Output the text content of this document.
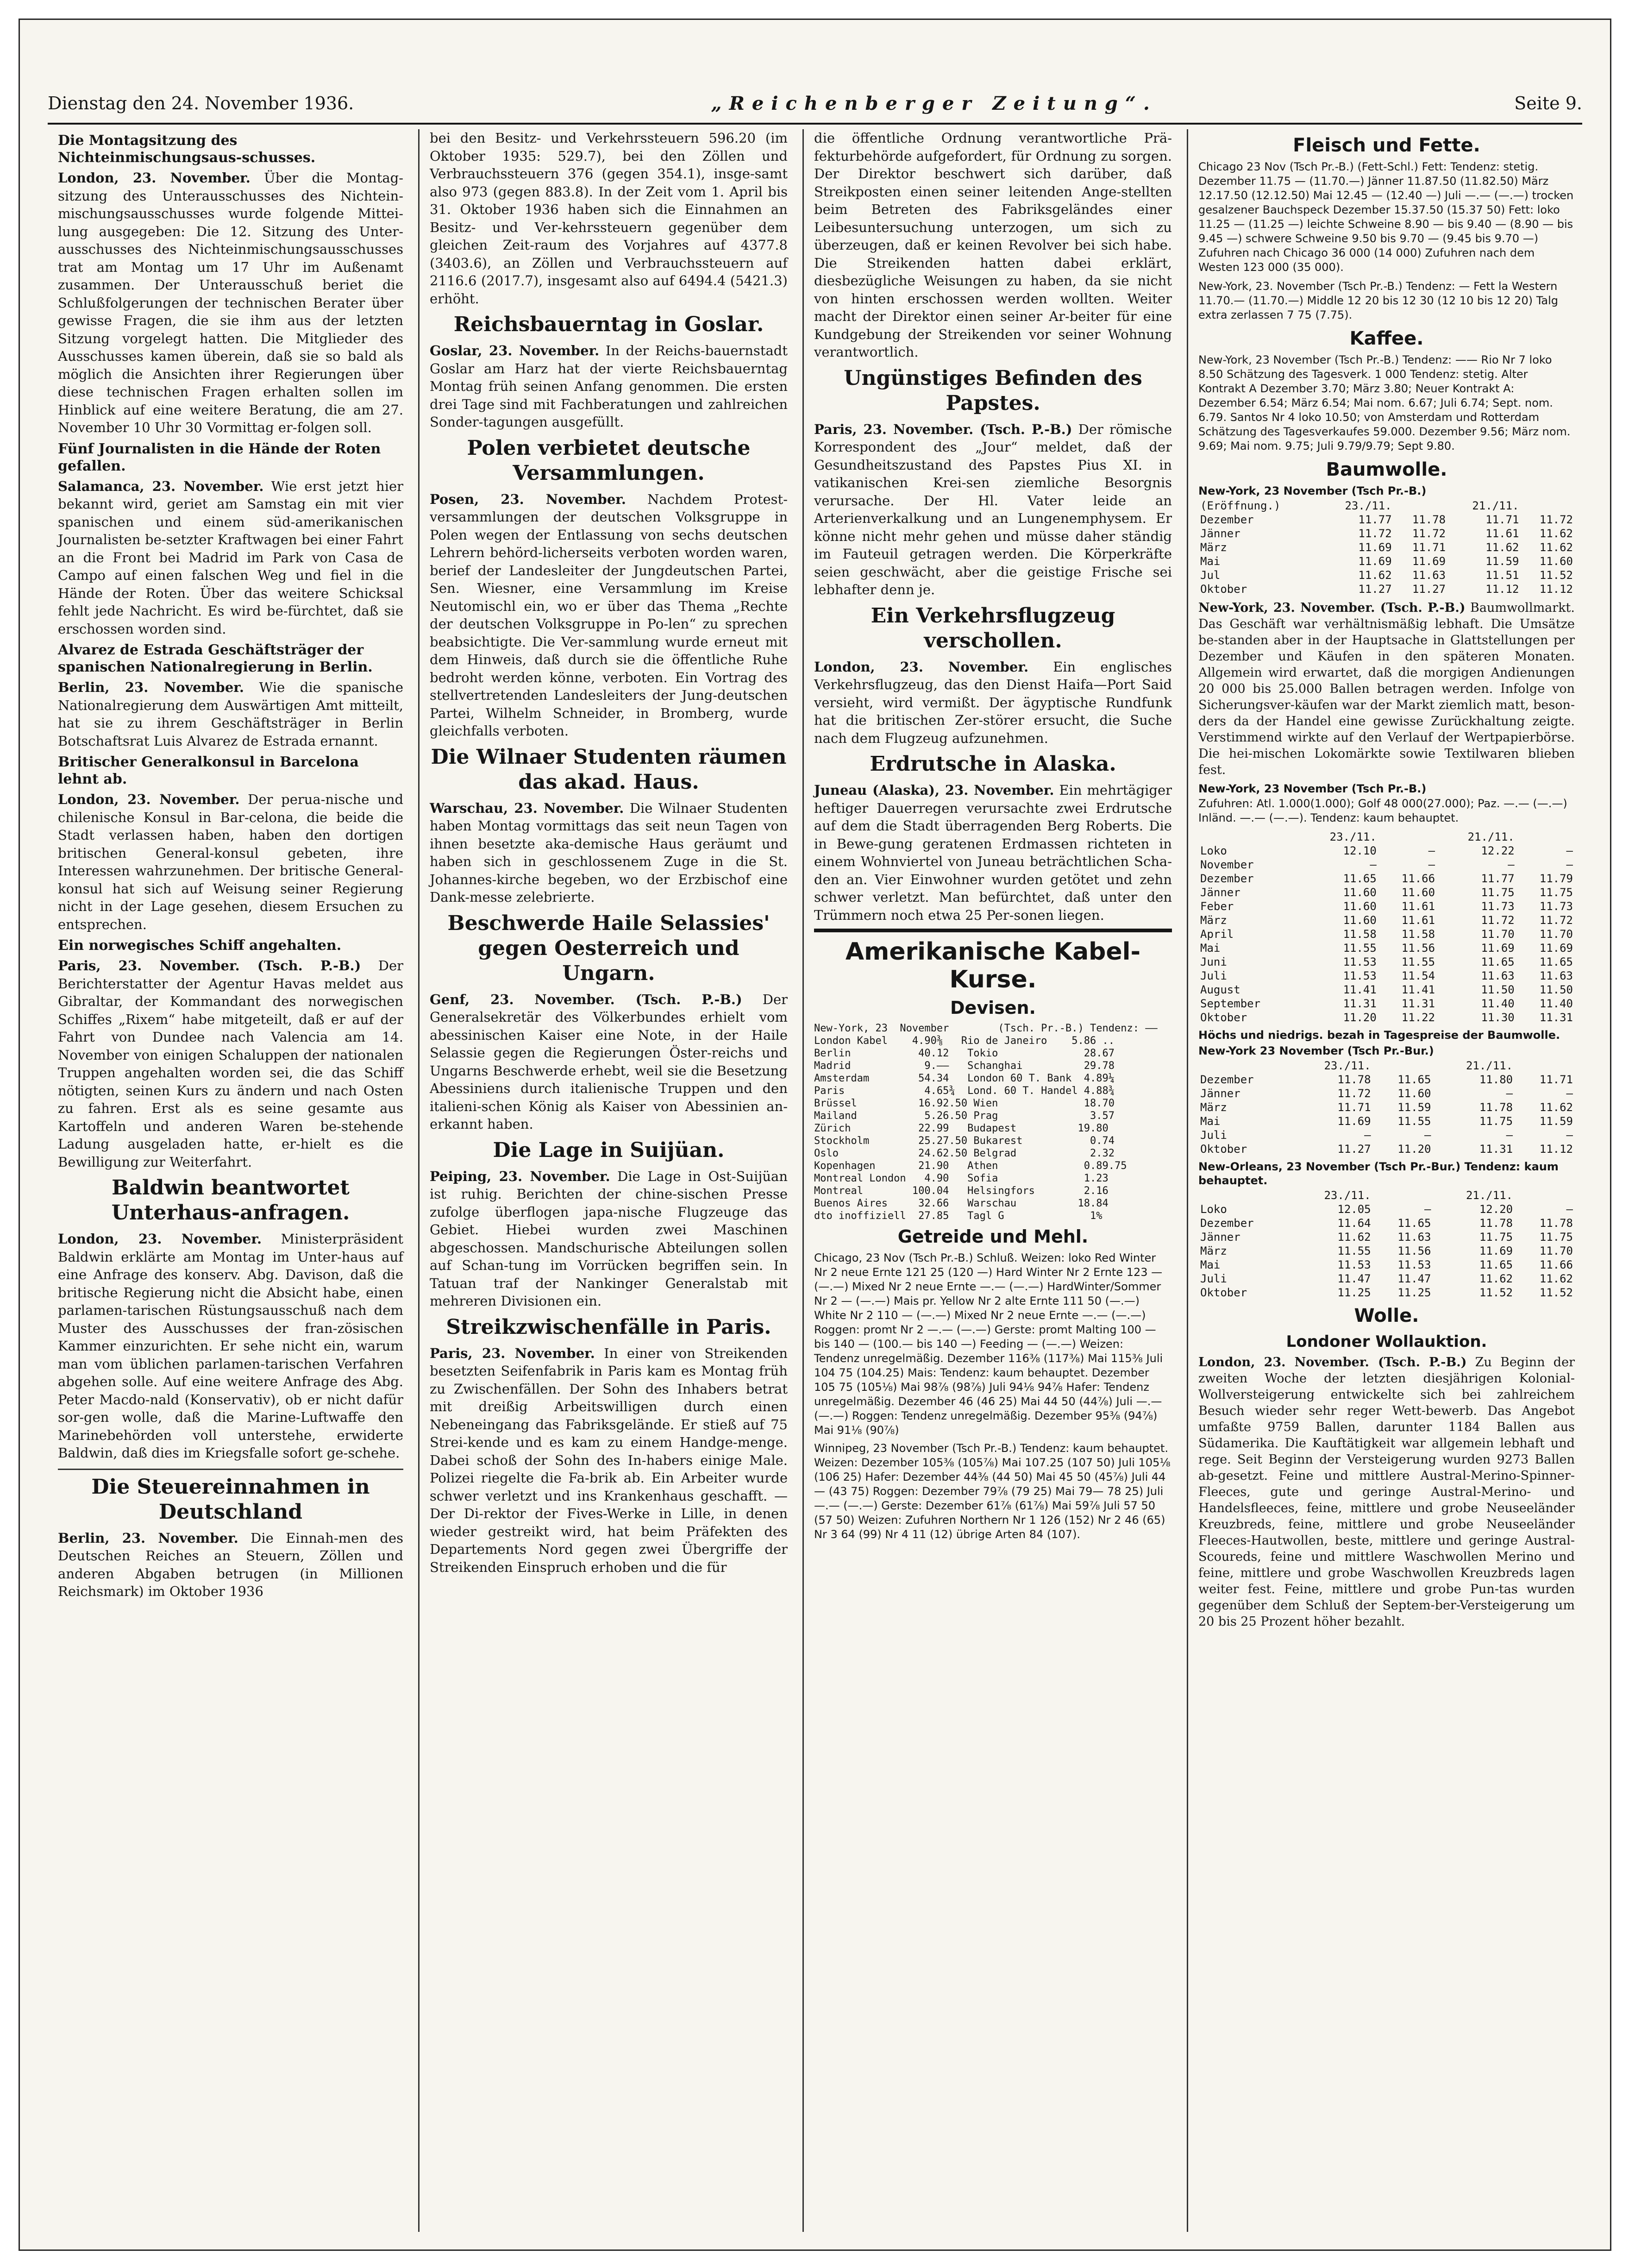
Dienstag den 24. November 1936.	„Reichenberger Zeitung“.	Seite 9.
Die Montagsitzung des Nichteinmischungsaus-schusses.

London, 23. November. Über die Montag-sitzung des Unterausschusses des Nichtein-mischungsausschusses wurde folgende Mittei-lung ausgegeben: Die 12. Sitzung des Unter-ausschusses des Nichteinmischungsausschusses trat am Montag um 17 Uhr im Außenamt zusammen. Der Unterausschuß beriet die Schlußfolgerungen der technischen Berater über gewisse Fragen, die sie ihm aus der letzten Sitzung vorgelegt hatten. Die Mitglieder des Ausschusses kamen überein, daß sie so bald als möglich die Ansichten ihrer Regierungen über diese technischen Fragen erhalten sollen im Hinblick auf eine weitere Beratung, die am 27. November 10 Uhr 30 Vormittag er-folgen soll.

Fünf Journalisten in die Hände der Roten gefallen.

Salamanca, 23. November. Wie erst jetzt hier bekannt wird, geriet am Samstag ein mit vier spanischen und einem süd-amerikanischen Journalisten be-setzter Kraftwagen bei einer Fahrt an die Front bei Madrid im Park von Casa de Campo auf einen falschen Weg und fiel in die Hände der Roten. Über das weitere Schicksal fehlt jede Nachricht. Es wird be-fürchtet, daß sie erschossen worden sind.

Alvarez de Estrada Geschäftsträger der spanischen Nationalregierung in Berlin.

Berlin, 23. November. Wie die spanische Nationalregierung dem Auswärtigen Amt mitteilt, hat sie zu ihrem Geschäftsträger in Berlin Botschaftsrat Luis Alvarez de Estrada ernannt.

Britischer Generalkonsul in Barcelona lehnt ab.

London, 23. November. Der perua-nische und chilenische Konsul in Bar-celona, die beide die Stadt verlassen haben, haben den dortigen britischen General-konsul gebeten, ihre Interessen wahrzunehmen. Der britische General-konsul hat sich auf Weisung seiner Regierung nicht in der Lage gesehen, diesem Ersuchen zu entsprechen.

Ein norwegisches Schiff angehalten.

Paris, 23. November. (Tsch. P.-B.) Der Berichterstatter der Agentur Havas meldet aus Gibraltar, der Kommandant des norwegischen Schiffes „Rixem“ habe mitgeteilt, daß er auf der Fahrt von Dundee nach Valencia am 14. November von einigen Schaluppen der nationalen Truppen angehalten worden sei, die das Schiff nötigten, seinen Kurs zu ändern und nach Osten zu fahren. Erst als es seine gesamte aus Kartoffeln und anderen Waren be-stehende Ladung ausgeladen hatte, er-hielt es die Bewilligung zur Weiterfahrt.

Baldwin beantwortet Unterhaus-anfragen.

London, 23. November. Ministerpräsident Baldwin erklärte am Montag im Unter-haus auf eine Anfrage des konserv. Abg. Davison, daß die britische Regierung nicht die Absicht habe, einen parlamen-tarischen Rüstungsausschuß nach dem Muster des Ausschusses der fran-zösischen Kammer einzurichten. Er sehe nicht ein, warum man vom üblichen parlamen-tarischen Verfahren abgehen solle. Auf eine weitere Anfrage des Abg. Peter Macdo-nald (Konservativ), ob er nicht dafür sor-gen wolle, daß die Marine-Luftwaffe den Marinebehörden voll unterstehe, erwiderte Baldwin, daß dies im Kriegsfalle sofort ge-schehe.

Die Steuereinnahmen in Deutschland

Berlin, 23. November. Die Einnah-men des Deutschen Reiches an Steuern, Zöllen und anderen Abgaben betrugen (in Millionen Reichsmark) im Oktober 1936

bei den Besitz- und Verkehrssteuern 596.20 (im Oktober 1935: 529.7), bei den Zöllen und Verbrauchssteuern 376 (gegen 354.1), insge-samt also 973 (gegen 883.8). In der Zeit vom 1. April bis 31. Oktober 1936 haben sich die Einnahmen an Besitz- und Ver-kehrssteuern gegenüber dem gleichen Zeit-raum des Vorjahres auf 4377.8 (3403.6), an Zöllen und Verbrauchssteuern auf 2116.6 (2017.7), insgesamt also auf 6494.4 (5421.3) erhöht.

Reichsbauerntag in Goslar.

Goslar, 23. November. In der Reichs-bauernstadt Goslar am Harz hat der vierte Reichsbauerntag Montag früh seinen Anfang genommen. Die ersten drei Tage sind mit Fachberatungen und zahlreichen Sonder-tagungen ausgefüllt.

Polen verbietet deutsche Versammlungen.

Posen, 23. November. Nachdem Protest-versammlungen der deutschen Volksgruppe in Polen wegen der Entlassung von sechs deutschen Lehrern behörd-licherseits verboten worden waren, berief der Landesleiter der Jungdeutschen Partei, Sen. Wiesner, eine Versammlung im Kreise Neutomischl ein, wo er über das Thema „Rechte der deutschen Volksgruppe in Po-len“ zu sprechen beabsichtigte. Die Ver-sammlung wurde erneut mit dem Hinweis, daß durch sie die öffentliche Ruhe bedroht werden könne, verboten. Ein Vortrag des stellvertretenden Landesleiters der Jung-deutschen Partei, Wilhelm Schneider, in Bromberg, wurde gleichfalls verboten.

Die Wilnaer Studenten räumen das akad. Haus.

Warschau, 23. November. Die Wilnaer Studenten haben Montag vormittags das seit neun Tagen von ihnen besetzte aka-demische Haus geräumt und haben sich in geschlossenem Zuge in die St. Johannes-kirche begeben, wo der Erzbischof eine Dank-messe zelebrierte.

Beschwerde Haile Selassies' gegen Oesterreich und Ungarn.

Genf, 23. November. (Tsch. P.-B.) Der Generalsekretär des Völkerbundes erhielt vom abessinischen Kaiser eine Note, in der Haile Selassie gegen die Regierungen Öster-reichs und Ungarns Beschwerde erhebt, weil sie die Besetzung Abessiniens durch italienische Truppen und den italieni-schen König als Kaiser von Abessinien an-erkannt haben.

Die Lage in Suijüan.

Peiping, 23. November. Die Lage in Ost-Suijüan ist ruhig. Berichten der chine-sischen Presse zufolge überflogen japa-nische Flugzeuge das Gebiet. Hiebei wurden zwei Maschinen abgeschossen. Mandschurische Abteilungen sollen auf Schan-tung im Vorrücken begriffen sein. In Tatuan traf der Nankinger Generalstab mit mehreren Divisionen ein.

Streikzwischenfälle in Paris.

Paris, 23. November. In einer von Streikenden besetzten Seifenfabrik in Paris kam es Montag früh zu Zwischenfällen. Der Sohn des Inhabers betrat mit dreißig Arbeitswilligen durch einen Nebeneingang das Fabriksgelände. Er stieß auf 75 Strei-kende und es kam zu einem Handge-menge. Dabei schoß der Sohn des In-habers einige Male. Polizei riegelte die Fa-brik ab. Ein Arbeiter wurde schwer verletzt und ins Krankenhaus geschafft. — Der Di-rektor der Fives-Werke in Lille, in denen wieder gestreikt wird, hat beim Präfekten des Departements Nord gegen zwei Übergriffe der Streikenden Einspruch erhoben und die für

die öffentliche Ordnung verantwortliche Prä-fekturbehörde aufgefordert, für Ordnung zu sorgen. Der Direktor beschwert sich darüber, daß Streikposten einen seiner leitenden Ange-stellten beim Betreten des Fabriksgeländes einer Leibesuntersuchung unterzogen, um sich zu überzeugen, daß er keinen Revolver bei sich habe. Die Streikenden hatten dabei erklärt, diesbezügliche Weisungen zu haben, da sie nicht von hinten erschossen werden wollten. Weiter macht der Direktor einen seiner Ar-beiter für eine Kundgebung der Streikenden vor seiner Wohnung verantwortlich.

Ungünstiges Befinden des Papstes.

Paris, 23. November. (Tsch. P.-B.) Der römische Korrespondent des „Jour“ meldet, daß der Gesundheitszustand des Papstes Pius XI. in vatikanischen Krei-sen ziemliche Besorgnis verursache. Der Hl. Vater leide an Arterienverkalkung und an Lungenemphysem. Er könne nicht mehr gehen und müsse daher ständig im Fauteuil getragen werden. Die Körperkräfte seien geschwächt, aber die geistige Frische sei lebhafter denn je.

Ein Verkehrsflugzeug verschollen.

London, 23. November. Ein englisches Verkehrsflugzeug, das den Dienst Haifa—Port Said versieht, wird vermißt. Der ägyptische Rundfunk hat die britischen Zer-störer ersucht, die Suche nach dem Flugzeug aufzunehmen.

Erdrutsche in Alaska.

Juneau (Alaska), 23. November. Ein mehrtägiger heftiger Dauerregen verursachte zwei Erdrutsche auf dem die Stadt überragenden Berg Roberts. Die in Bewe-gung geratenen Erdmassen richteten in einem Wohnviertel von Juneau beträchtlichen Scha-den an. Vier Einwohner wurden getötet und zehn schwer verletzt. Man befürchtet, daß unter den Trümmern noch etwa 25 Per-sonen liegen.

Amerikanische Kabel-Kurse.
Devisen.
New-York, 23  November        (Tsch. Pr.-B.) Tendenz: ——
London Kabel    4.90⅜   Rio de Janeiro    5.86 ..
Berlin           40.12   Tokio              28.67
Madrid            9.——   Schanghai          29.78
Amsterdam        54.34   London 60 T. Bank  4.89¼
Paris             4.65¾  Lond. 60 T. Handel 4.88¾
Brüssel          16.92.50 Wien              18.70
Mailand           5.26.50 Prag               3.57
Zürich           22.99   Budapest          19.80
Stockholm        25.27.50 Bukarest           0.74
Oslo             24.62.50 Belgrad            2.32
Kopenhagen       21.90   Athen              0.89.75
Montreal London   4.90   Sofia              1.23
Montreal        100.04   Helsingfors        2.16
Buenos Aires     32.66   Warschau          18.84
dto inoffiziell  27.85   Tagl G              1%
Getreide und Mehl.

Chicago, 23 Nov (Tsch Pr.-B.) Schluß. Weizen: loko Red Winter Nr 2 neue Ernte 121 25 (120 —) Hard Winter Nr 2 Ernte 123 — (—.—) Mixed Nr 2 neue Ernte —.— (—.—) HardWinter/Sommer Nr 2 — (—.—) Mais pr. Yellow Nr 2 alte Ernte 111 50 (—.—) White Nr 2 110 — (—.—) Mixed Nr 2 neue Ernte —.— (—.—) Roggen: promt Nr 2 —.— (—.—) Gerste: promt Malting 100 — bis 140 — (100.— bis 140 —) Feeding — (—.—) Weizen: Tendenz unregelmäßig. Dezember 116⅜ (117⅜) Mai 115⅜ Juli 104 75 (104.25) Mais: Tendenz: kaum behauptet. Dezember 105 75 (105⅛) Mai 98⅞ (98⅞) Juli 94⅛ 94⅞ Hafer: Tendenz unregelmäßig. Dezember 46 (46 25) Mai 44 50 (44⅞) Juli —.— (—.—) Roggen: Tendenz unregelmäßig. Dezember 95⅜ (94⅞) Mai 91⅛ (90⅞)

Winnipeg, 23 November (Tsch Pr.-B.) Tendenz: kaum behauptet. Weizen: Dezember 105⅜ (105⅞) Mai 107.25 (107 50) Juli 105⅛ (106 25) Hafer: Dezember 44⅜ (44 50) Mai 45 50 (45⅞) Juli 44 — (43 75) Roggen: Dezember 79⅞ (79 25) Mai 79— 78 25) Juli —.— (—.—) Gerste: Dezember 61⅞ (61⅞) Mai 59⅞ Juli 57 50 (57 50) Weizen: Zufuhren Northern Nr 1 126 (152) Nr 2 46 (65) Nr 3 64 (99) Nr 4 11 (12) übrige Arten 84 (107).

Fleisch und Fette.
Chicago 23 Nov (Tsch Pr.-B.) (Fett-Schl.) Fett: Tendenz: stetig. Dezember 11.75 — (11.70.—) Jänner 11.87.50 (11.82.50) März 12.17.50 (12.12.50) Mai 12.45 — (12.40 —) Juli —.— (—.—) trocken gesalzener Bauchspeck Dezember 15.37.50 (15.37 50) Fett: loko 11.25 — (11.25 —) leichte Schweine 8.90 — bis 9.40 — (8.90 — bis 9.45 —) schwere Schweine 9.50 bis 9.70 — (9.45 bis 9.70 —) Zufuhren nach Chicago 36 000 (14 000) Zufuhren nach dem Westen 123 000 (35 000).
New-York, 23. November (Tsch Pr.-B.) Tendenz: — Fett la Western 11.70.— (11.70.—) Middle 12 20 bis 12 30 (12 10 bis 12 20) Talg extra zerlassen 7 75 (7.75).
Kaffee.
New-York, 23 November (Tsch Pr.-B.) Tendenz: —— Rio Nr 7 loko 8.50 Schätzung des Tagesverk. 1 000 Tendenz: stetig. Alter Kontrakt A Dezember 3.70; März 3.80; Neuer Kontrakt A: Dezember 6.54; März 6.54; Mai nom. 6.67; Juli 6.74; Sept. nom. 6.79. Santos Nr 4 loko 10.50; von Amsterdam und Rotterdam Schätzung des Tagesverkaufes 59.000. Dezember 9.56; März nom. 9.69; Mai nom. 9.75; Juli 9.79/9.79; Sept 9.80.
Baumwolle.
New-York, 23 November (Tsch Pr.-B.)
(Eröffnung.)	23./11.		21./11.	
Dezember	11.77	11.78	11.71	11.72
Jänner	11.72	11.72	11.61	11.62
März	11.69	11.71	11.62	11.62
Mai	11.69	11.69	11.59	11.60
Jul	11.62	11.63	11.51	11.52
Oktober	11.27	11.27	11.12	11.12

New-York, 23. November. (Tsch. P.-B.) Baumwollmarkt. Das Geschäft war verhältnismäßig lebhaft. Die Umsätze be-standen aber in der Hauptsache in Glattstellungen per Dezember und Käufen in den späteren Monaten. Allgemein wird erwartet, daß die morgigen Andienungen 20 000 bis 25.000 Ballen betragen werden. Infolge von Sicherungsver-käufen war der Markt ziemlich matt, beson-ders da der Handel eine gewisse Zurückhaltung zeigte. Verstimmend wirkte auf den Verlauf der Wertpapierbörse. Die hei-mischen Lokomärkte sowie Textilwaren blieben fest.

New-York, 23 November (Tsch Pr.-B.)
Zufuhren: Atl. 1.000(1.000); Golf 48 000(27.000); Paz. —.— (—.—) Inländ. —.— (—.—). Tendenz: kaum behauptet.
	23./11.		21./11.	
Loko	12.10	—	12.22	—
November	—	—	—	—
Dezember	11.65	11.66	11.77	11.79
Jänner	11.60	11.60	11.75	11.75
Feber	11.60	11.61	11.73	11.73
März	11.60	11.61	11.72	11.72
April	11.58	11.58	11.70	11.70
Mai	11.55	11.56	11.69	11.69
Juni	11.53	11.55	11.65	11.65
Juli	11.53	11.54	11.63	11.63
August	11.41	11.41	11.50	11.50
September	11.31	11.31	11.40	11.40
Oktober	11.20	11.22	11.30	11.31
Höchs und niedrigs. bezah in Tagespreise der Baumwolle.
New-York 23 November (Tsch Pr.-Bur.)
	23./11.		21./11.	
Dezember	11.78	11.65	11.80	11.71
Jänner	11.72	11.60	—	—
März	11.71	11.59	11.78	11.62
Mai	11.69	11.55	11.75	11.59
Juli	—	—	—	—
Oktober	11.27	11.20	11.31	11.12
New-Orleans, 23 November (Tsch Pr.-Bur.) Tendenz: kaum behauptet.
	23./11.		21./11.	
Loko	12.05	—	12.20	—
Dezember	11.64	11.65	11.78	11.78
Jänner	11.62	11.63	11.75	11.75
März	11.55	11.56	11.69	11.70
Mai	11.53	11.53	11.65	11.66
Juli	11.47	11.47	11.62	11.62
Oktober	11.25	11.25	11.52	11.52
Wolle.
Londoner Wollauktion.

London, 23. November. (Tsch. P.-B.) Zu Beginn der zweiten Woche der letzten diesjährigen Kolonial-Wollversteigerung entwickelte sich bei zahlreichem Besuch wieder sehr reger Wett-bewerb. Das Angebot umfaßte 9759 Ballen, darunter 1184 Ballen aus Südamerika. Die Kauftätigkeit war allgemein lebhaft und rege. Seit Beginn der Versteigerung wurden 9273 Ballen ab-gesetzt. Feine und mittlere Austral-Merino-Spinner-Fleeces, gute und geringe Austral-Merino- und Handelsfleeces, feine, mittlere und grobe Neuseeländer Kreuzbreds, feine, mittlere und grobe Neuseeländer Fleeces-Hautwollen, beste, mittlere und geringe Austral-Scoureds, feine und mittlere Waschwollen Merino und feine, mittlere und grobe Waschwollen Kreuzbreds lagen weiter fest. Feine, mittlere und grobe Pun-tas wurden gegenüber dem Schluß der Septem-ber-Versteigerung um 20 bis 25 Prozent höher bezahlt.
